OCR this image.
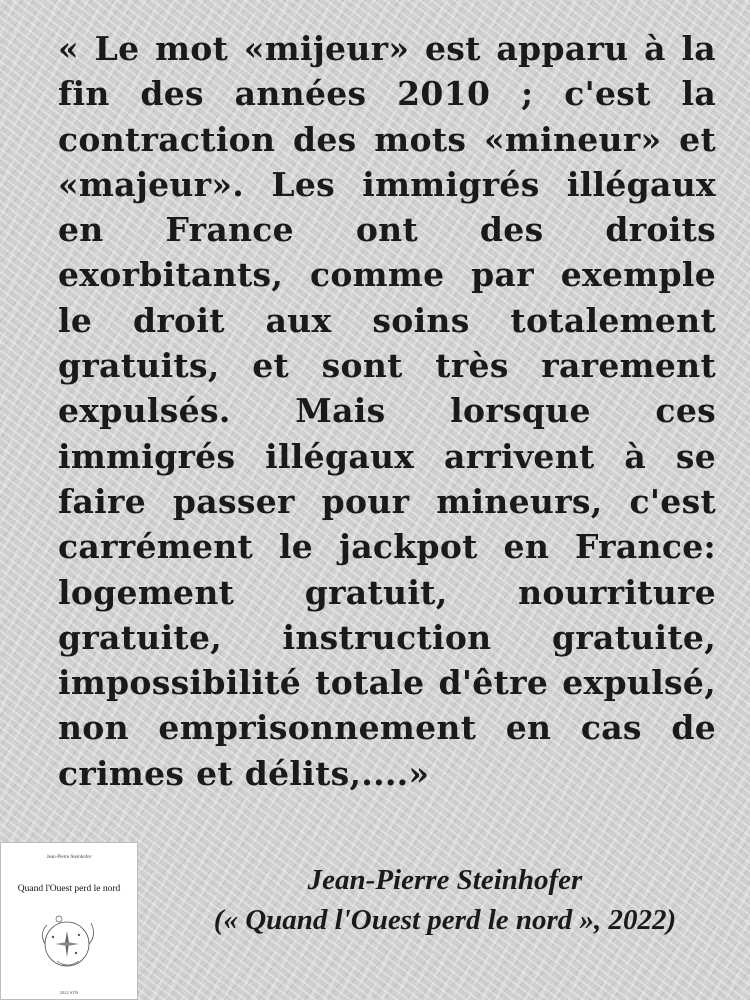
« Le mot «mijeur» est apparu à la fin des années 2010 ; c'est la contraction des mots «mineur» et «majeur». Les immigrés illégaux en France ont des droits exorbitants, comme par exemple le droit aux soins totalement gratuits, et sont très rarement expulsés. Mais lorsque ces immigrés illégaux arrivent à se faire passer pour mineurs, c'est carrément le jackpot en France: logement gratuit, nourriture gratuite, instruction gratuite, impossibilité totale d'être expulsé, non emprisonnement en cas de crimes et délits,....»

Jean-Pierre Steinhofer
(« Quand l'Ouest perd le nord », 2022)
Jean-Pierre Steinhofer
Quand l'Ouest perd le nord
2022 STB
